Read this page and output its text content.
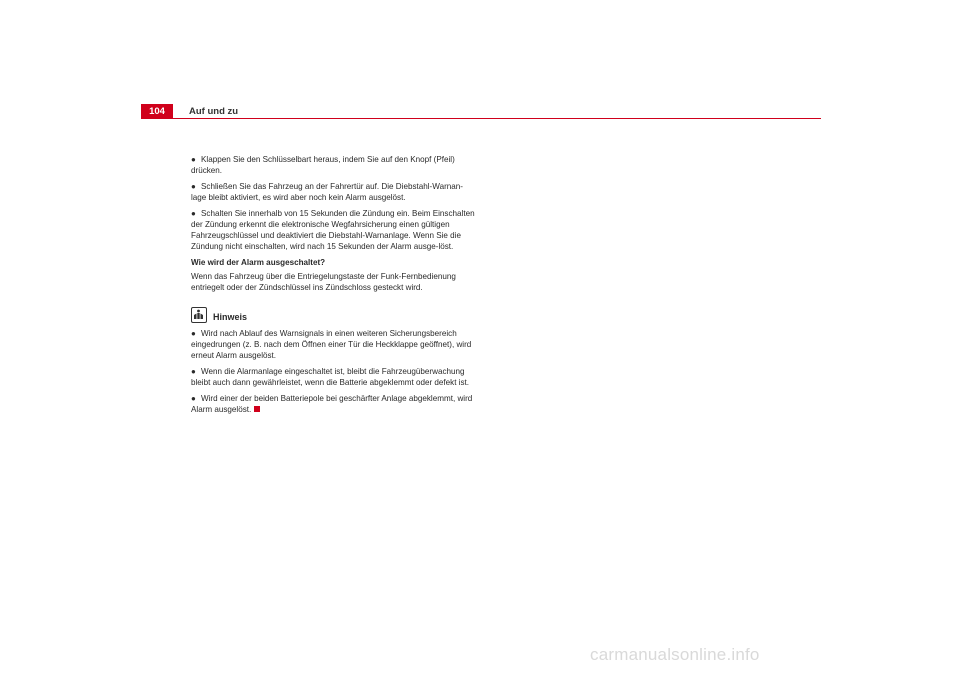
104	Auf und zu

● Klappen Sie den Schlüsselbart heraus, indem Sie auf den Knopf (Pfeil) drücken.

● Schließen Sie das Fahrzeug an der Fahrertür auf. Die Diebstahl-Warnan-lage bleibt aktiviert, es wird aber noch kein Alarm ausgelöst.

● Schalten Sie innerhalb von 15 Sekunden die Zündung ein. Beim Einschalten der Zündung erkennt die elektronische Wegfahrsicherung einen gültigen Fahrzeugschlüssel und deaktiviert die Diebstahl-Warnanlage. Wenn Sie die Zündung nicht einschalten, wird nach 15 Sekunden der Alarm ausge-löst.

Wie wird der Alarm ausgeschaltet?

Wenn das Fahrzeug über die Entriegelungstaste der Funk-Fernbedienung entriegelt oder der Zündschlüssel ins Zündschloss gesteckt wird.

Hinweis

● Wird nach Ablauf des Warnsignals in einen weiteren Sicherungsbereich eingedrungen (z. B. nach dem Öffnen einer Tür die Heckklappe geöffnet), wird erneut Alarm ausgelöst.

● Wenn die Alarmanlage eingeschaltet ist, bleibt die Fahrzeugüberwachung bleibt auch dann gewährleistet, wenn die Batterie abgeklemmt oder defekt ist.

● Wird einer der beiden Batteriepole bei geschärfter Anlage abgeklemmt, wird Alarm ausgelöst.

carmanualsonline.info
